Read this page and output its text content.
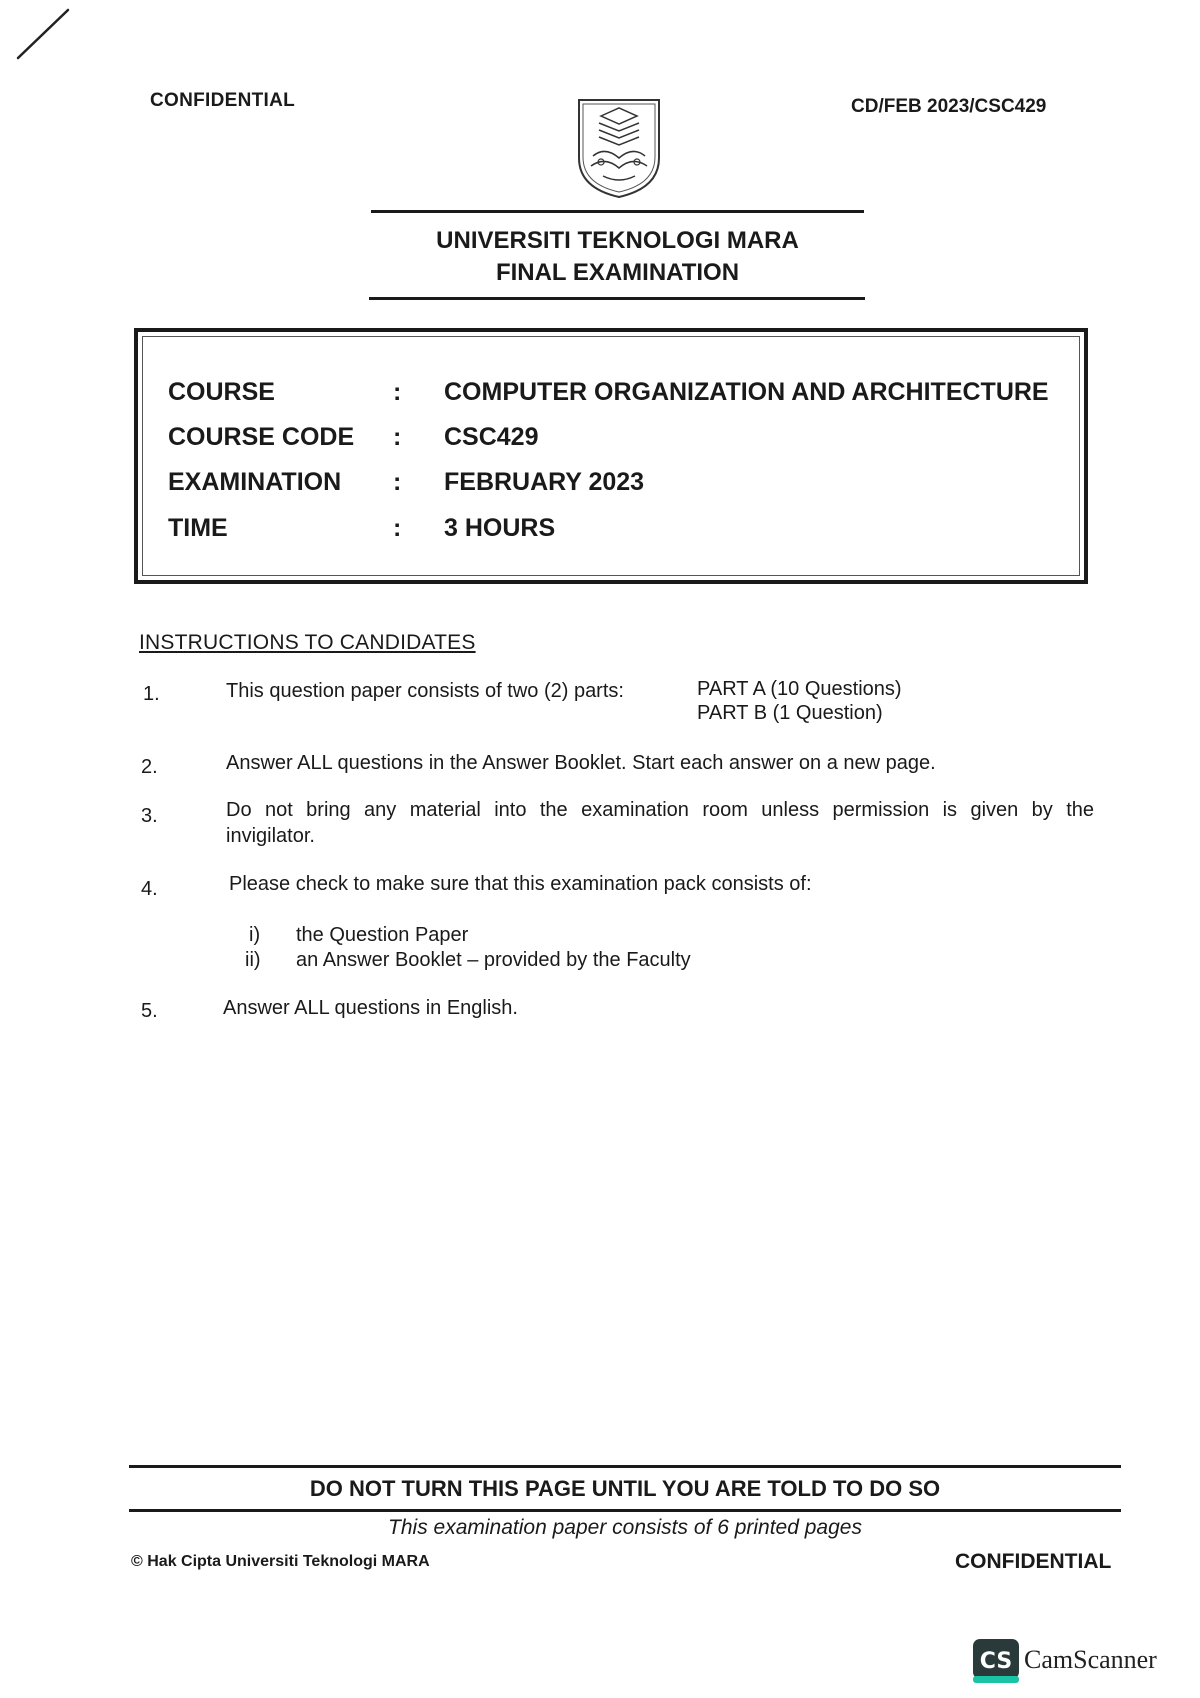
CONFIDENTIAL	CD/FEB 2023/CSC429
UNIVERSITI TEKNOLOGI MARA
FINAL EXAMINATION
COURSE	: COMPUTER ORGANIZATION AND ARCHITECTURE
COURSE CODE : CSC429
EXAMINATION : FEBRUARY 2023
TIME	: 3 HOURS
INSTRUCTIONS TO CANDIDATES
1.	This question paper consists of two (2) parts:	PART A (10 Questions)
PART B (1 Question)
2.	Answer ALL questions in the Answer Booklet. Start each answer on a new page.
3.	Do not bring any material into the examination room unless permission is given by the
invigilator.
4.	Please check to make sure that this examination pack consists of:
i) the Question Paper
ii) an Answer Booklet – provided by the Faculty
5.	Answer ALL questions in English.
DO NOT TURN THIS PAGE UNTIL YOU ARE TOLD TO DO SO
This examination paper consists of 6 printed pages
© Hak Cipta Universiti Teknologi MARA	CONFIDENTIAL
CS CamScanner
